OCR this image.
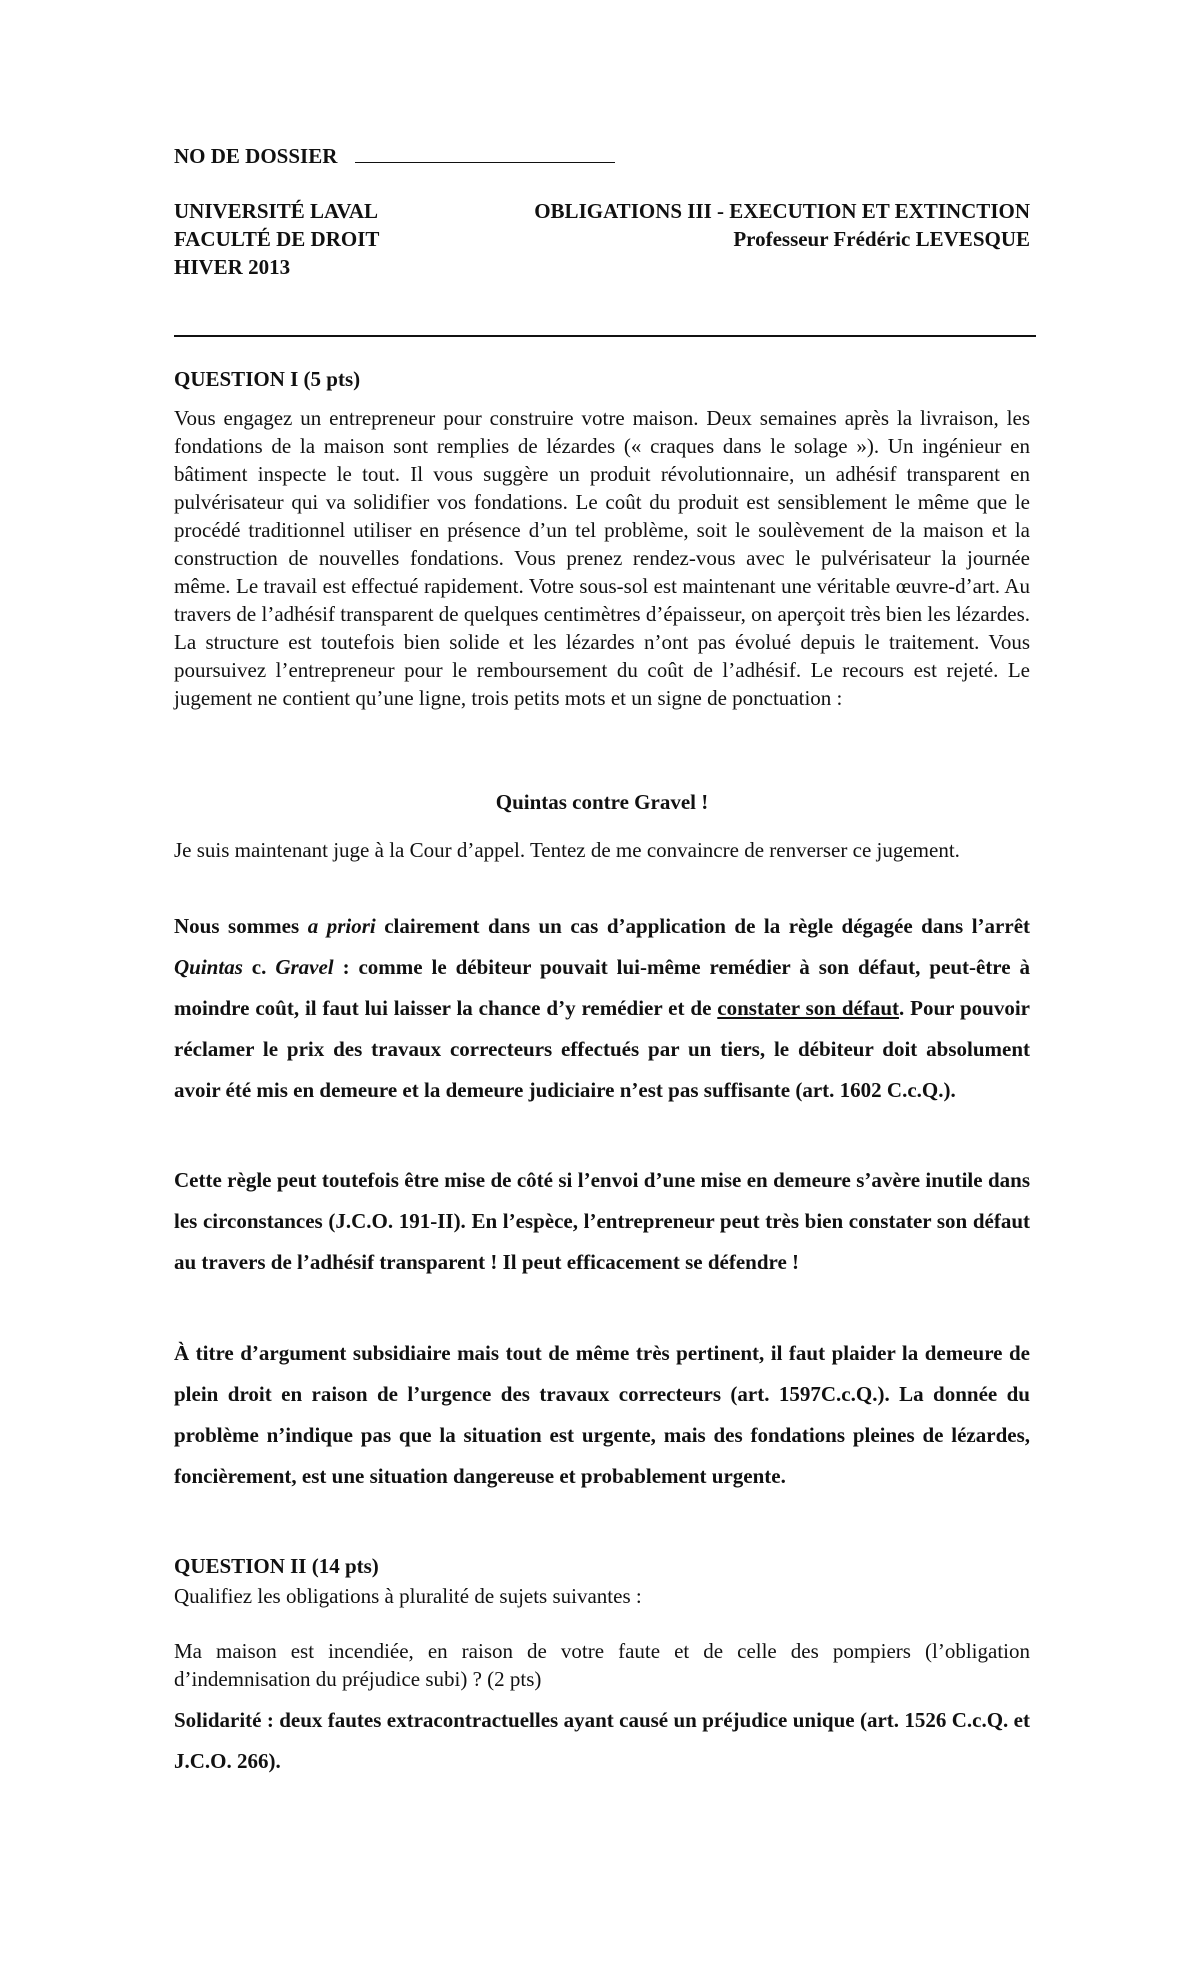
NO DE DOSSIER
UNIVERSITÉ LAVAL
FACULTÉ DE DROIT
HIVER 2013
OBLIGATIONS III - EXECUTION ET EXTINCTION
Professeur Frédéric LEVESQUE
QUESTION I (5 pts)

Vous engagez un entrepreneur pour construire votre maison. Deux semaines après la livraison, les fondations de la maison sont remplies de lézardes (« craques dans le solage »). Un ingénieur en bâtiment inspecte le tout. Il vous suggère un produit révolutionnaire, un adhésif transparent en pulvérisateur qui va solidifier vos fondations. Le coût du produit est sensiblement le même que le procédé traditionnel utiliser en présence d’un tel problème, soit le soulèvement de la maison et la construction de nouvelles fondations. Vous prenez rendez-vous avec le pulvérisateur la journée même. Le travail est effectué rapidement. Votre sous-sol est maintenant une véritable œuvre-d’art. Au travers de l’adhésif transparent de quelques centimètres d’épaisseur, on aperçoit très bien les lézardes. La structure est toutefois bien solide et les lézardes n’ont pas évolué depuis le traitement. Vous poursuivez l’entrepreneur pour le remboursement du coût de l’adhésif. Le recours est rejeté. Le jugement ne contient qu’une ligne, trois petits mots et un signe de ponctuation :

Quintas contre Gravel !

Je suis maintenant juge à la Cour d’appel. Tentez de me convaincre de renverser ce jugement.

Nous sommes a priori clairement dans un cas d’application de la règle dégagée dans l’arrêt Quintas c. Gravel : comme le débiteur pouvait lui-même remédier à son défaut, peut-être à moindre coût, il faut lui laisser la chance d’y remédier et de constater son défaut. Pour pouvoir réclamer le prix des travaux correcteurs effectués par un tiers, le débiteur doit absolument avoir été mis en demeure et la demeure judiciaire n’est pas suffisante (art. 1602 C.c.Q.).

Cette règle peut toutefois être mise de côté si l’envoi d’une mise en demeure s’avère inutile dans les circonstances (J.C.O. 191-II). En l’espèce, l’entrepreneur peut très bien constater son défaut au travers de l’adhésif transparent ! Il peut efficacement se défendre !

À titre d’argument subsidiaire mais tout de même très pertinent, il faut plaider la demeure de plein droit en raison de l’urgence des travaux correcteurs (art. 1597C.c.Q.). La donnée du problème n’indique pas que la situation est urgente, mais des fondations pleines de lézardes, foncièrement, est une situation dangereuse et probablement urgente.

QUESTION II (14 pts)

Qualifiez les obligations à pluralité de sujets suivantes :

Ma maison est incendiée, en raison de votre faute et de celle des pompiers (l’obligation d’indemnisation du préjudice subi) ? (2 pts)

Solidarité : deux fautes extracontractuelles ayant causé un préjudice unique (art. 1526 C.c.Q. et J.C.O. 266).
